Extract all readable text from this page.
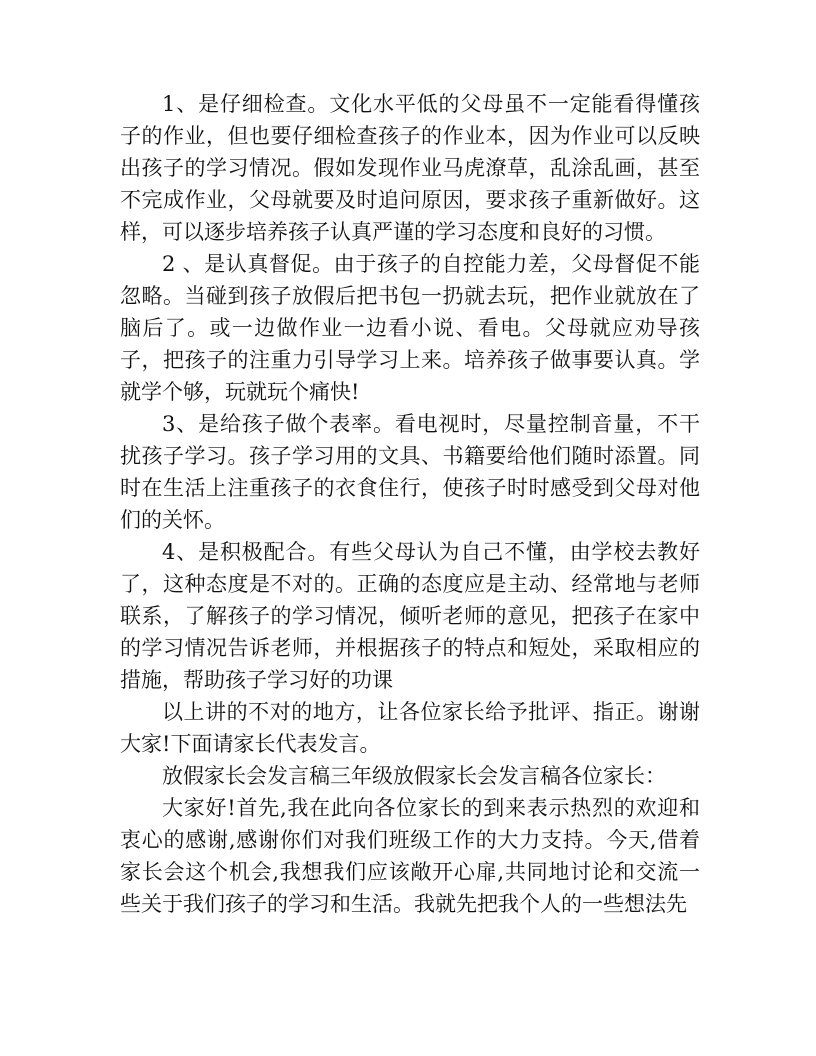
1、是仔细检查。文化水平低的父母虽不一定能看得懂孩子的作业，但也要仔细检查孩子的作业本，因为作业可以反映出孩子的学习情况。假如发现作业马虎潦草，乱涂乱画，甚至不完成作业，父母就要及时追问原因，要求孩子重新做好。这样，可以逐步培养孩子认真严谨的学习态度和良好的习惯。

2 、是认真督促。由于孩子的自控能力差，父母督促不能忽略。当碰到孩子放假后把书包一扔就去玩，把作业就放在了脑后了。或一边做作业一边看小说、看电。父母就应劝导孩子，把孩子的注重力引导学习上来。培养孩子做事要认真。学就学个够，玩就玩个痛快!

3、是给孩子做个表率。看电视时，尽量控制音量，不干扰孩子学习。孩子学习用的文具、书籍要给他们随时添置。同时在生活上注重孩子的衣食住行，使孩子时时感受到父母对他们的关怀。

4、是积极配合。有些父母认为自己不懂，由学校去教好了，这种态度是不对的。正确的态度应是主动、经常地与老师联系，了解孩子的学习情况，倾听老师的意见，把孩子在家中的学习情况告诉老师，并根据孩子的特点和短处，采取相应的措施，帮助孩子学习好的功课

以上讲的不对的地方，让各位家长给予批评、指正。谢谢大家!下面请家长代表发言。

放假家长会发言稿三年级放假家长会发言稿各位家长：

大家好!首先,我在此向各位家长的到来表示热烈的欢迎和衷心的感谢,感谢你们对我们班级工作的大力支持。今天,借着家长会这个机会,我想我们应该敞开心扉,共同地讨论和交流一些关于我们孩子的学习和生活。我就先把我个人的一些想法先
